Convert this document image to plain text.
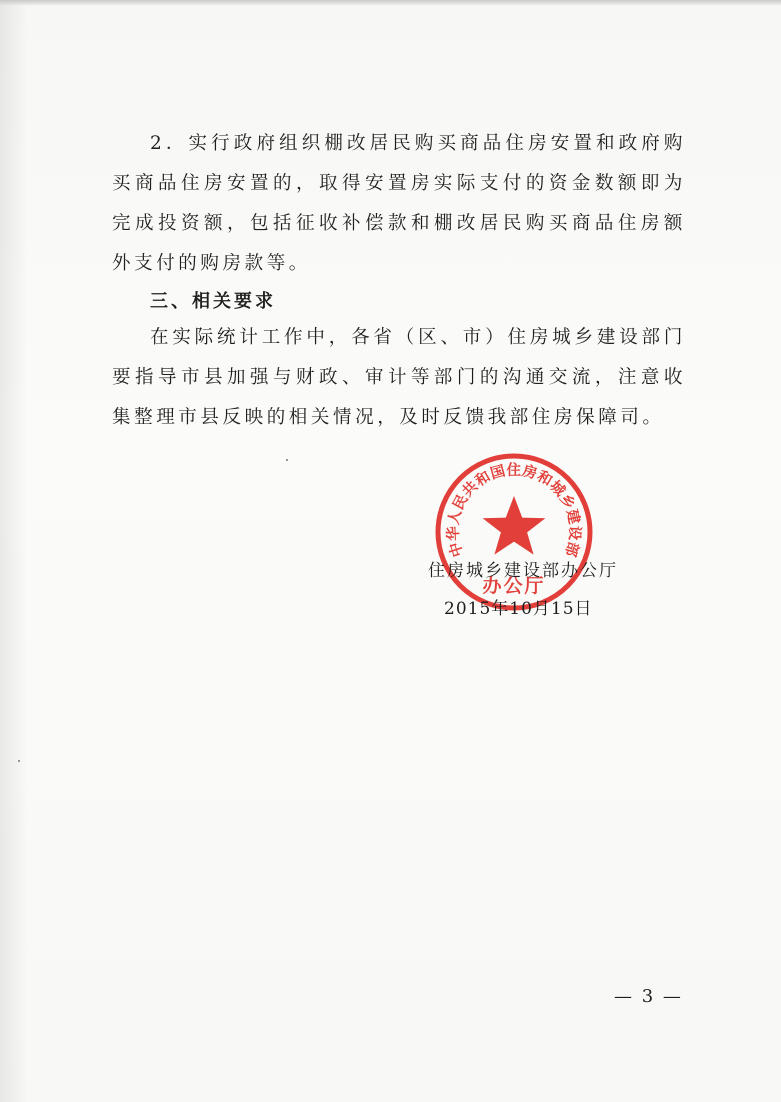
2．实行政府组织棚改居民购买商品住房安置和政府购买商品住房安置的，取得安置房实际支付的资金数额即为完成投资额，包括征收补偿款和棚改居民购买商品住房额外支付的购房款等。

三、相关要求

在实际统计工作中，各省（区、市）住房城乡建设部门要指导市县加强与财政、审计等部门的沟通交流，注意收集整理市县反映的相关情况，及时反馈我部住房保障司。

中华人民共和国住房和城乡建设部
办公厅

住房城乡建设部办公厅

2015年10月15日

— 3 —
